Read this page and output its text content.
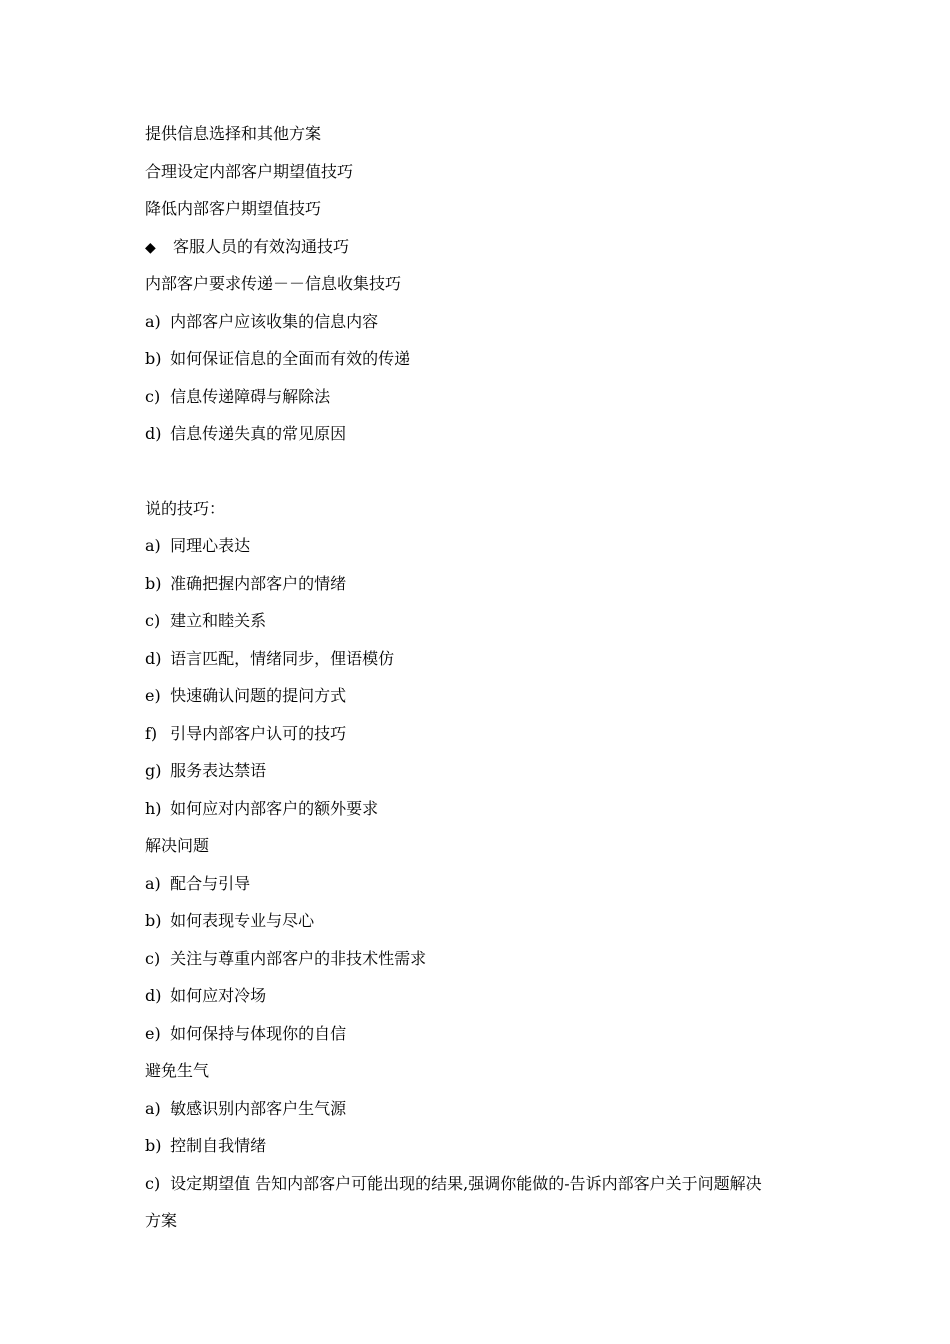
提供信息选择和其他方案
合理设定内部客户期望值技巧
降低内部客户期望值技巧
◆ 客服人员的有效沟通技巧
内部客户要求传递－－信息收集技巧
a) 内部客户应该收集的信息内容
b) 如何保证信息的全面而有效的传递
c) 信息传递障碍与解除法
d) 信息传递失真的常见原因
说的技巧：
a) 同理心表达
b) 准确把握内部客户的情绪
c) 建立和睦关系
d) 语言匹配，情绪同步，俚语模仿
e) 快速确认问题的提问方式
f) 引导内部客户认可的技巧
g) 服务表达禁语
h) 如何应对内部客户的额外要求
解决问题
a) 配合与引导
b) 如何表现专业与尽心
c) 关注与尊重内部客户的非技术性需求
d) 如何应对冷场
e) 如何保持与体现你的自信
避免生气
a) 敏感识别内部客户生气源
b) 控制自我情绪
c) 设定期望值 告知内部客户可能出现的结果,强调你能做的-告诉内部客户关于问题解决
方案
